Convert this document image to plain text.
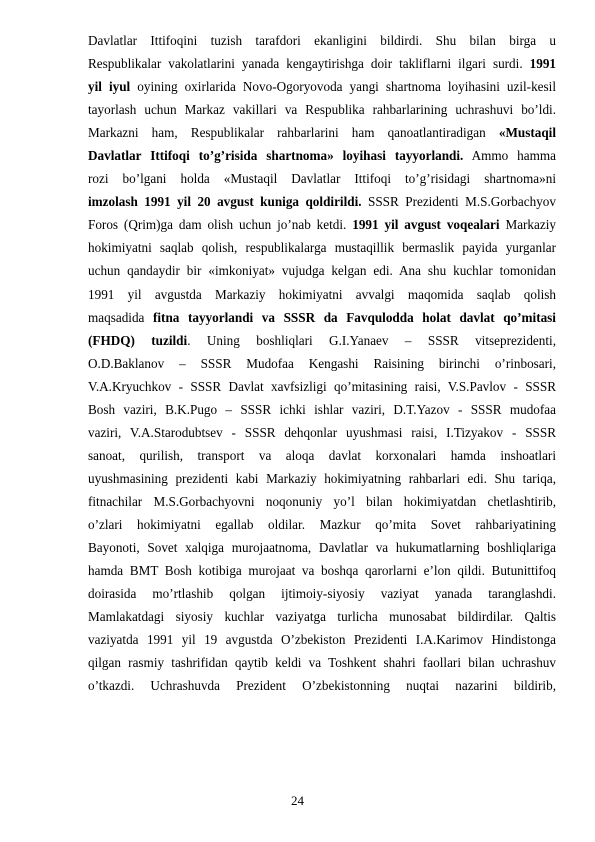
Davlatlar Ittifoqini tuzish tarafdori ekanligini bildirdi. Shu bilan birga u
Respublikalar vakolatlarini yanada kengaytirishga doir takliflarni ilgari surdi. 1991
yil iyul oyining oxirlarida Novo-Ogoryovoda yangi shartnoma loyihasini uzil-kesil
tayorlash uchun Markaz vakillari va Respublika rahbarlarining uchrashuvi bo’ldi.
Markazni ham, Respublikalar rahbarlarini ham qanoatlantiradigan «Mustaqil
Davlatlar Ittifoqi to’g’risida shartnoma» loyihasi tayyorlandi. Ammo hamma
rozi bo’lgani holda «Mustaqil Davlatlar Ittifoqi to’g’risidagi shartnoma»ni
imzolash 1991 yil 20 avgust kuniga qoldirildi. SSSR Prezidenti M.S.Gorbachyov
Foros (Qrim)ga dam olish uchun jo’nab ketdi. 1991 yil avgust voqealari Markaziy
hokimiyatni saqlab qolish, respublikalarga mustaqillik bermaslik payida yurganlar
uchun qandaydir bir «imkoniyat» vujudga kelgan edi. Ana shu kuchlar tomonidan
1991 yil avgustda Markaziy hokimiyatni avvalgi maqomida saqlab qolish
maqsadida fitna tayyorlandi va SSSR da Favqulodda holat davlat qo’mitasi
(FHDQ) tuzildi. Uning boshliqlari G.I.Yanaev – SSSR vitseprezidenti,
O.D.Baklanov – SSSR Mudofaa Kengashi Raisining birinchi o’rinbosari,
V.A.Kryuchkov - SSSR Davlat xavfsizligi qo’mitasining raisi, V.S.Pavlov - SSSR
Bosh vaziri, B.K.Pugo – SSSR ichki ishlar vaziri, D.T.Yazov - SSSR mudofaa
vaziri, V.A.Starodubtsev - SSSR dehqonlar uyushmasi raisi, I.Tizyakov - SSSR
sanoat, qurilish, transport va aloqa davlat korxonalari hamda inshoatlari
uyushmasining prezidenti kabi Markaziy hokimiyatning rahbarlari edi. Shu tariqa,
fitnachilar M.S.Gorbachyovni noqonuniy yo’l bilan hokimiyatdan chetlashtirib,
o’zlari hokimiyatni egallab oldilar. Mazkur qo’mita Sovet rahbariyatining
Bayonoti, Sovet xalqiga murojaatnoma, Davlatlar va hukumatlarning boshliqlariga
hamda BMT Bosh kotibiga murojaat va boshqa qarorlarni e’lon qildi. Butunittifoq
doirasida mo’rtlashib qolgan ijtimoiy-siyosiy vaziyat yanada taranglashdi.
Mamlakatdagi siyosiy kuchlar vaziyatga turlicha munosabat bildirdilar. Qaltis
vaziyatda 1991 yil 19 avgustda O’zbekiston Prezidenti I.A.Karimov Hindistonga
qilgan rasmiy tashrifidan qaytib keldi va Toshkent shahri faollari bilan uchrashuv
o’tkazdi. Uchrashuvda Prezident O’zbekistonning nuqtai nazarini bildirib,
24
